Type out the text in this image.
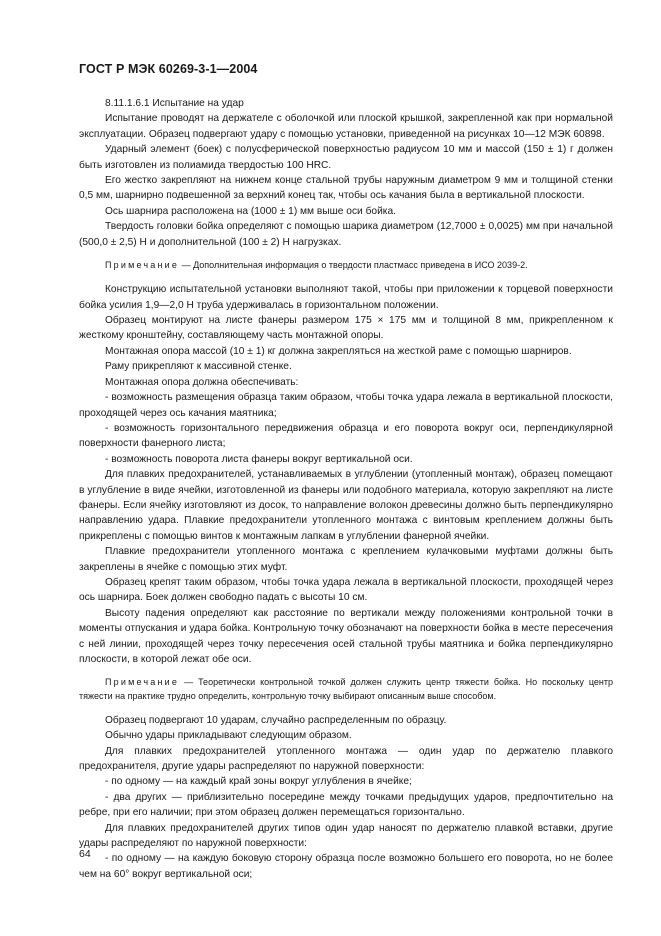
ГОСТ Р МЭК 60269-3-1—2004

8.11.1.6.1 Испытание на удар

Испытание проводят на держателе с оболочкой или плоской крышкой, закрепленной как при нормальной эксплуатации. Образец подвергают удару с помощью установки, приведенной на рисунках 10—12 МЭК 60898.

Ударный элемент (боек) с полусферической поверхностью радиусом 10 мм и массой (150 ± 1) г должен быть изготовлен из полиамида твердостью 100 HRC.

Его жестко закрепляют на нижнем конце стальной трубы наружным диаметром 9 мм и толщиной стенки 0,5 мм, шарнирно подвешенной за верхний конец так, чтобы ось качания была в вертикальной плоскости.

Ось шарнира расположена на (1000 ± 1) мм выше оси бойка.

Твердость головки бойка определяют с помощью шарика диаметром (12,7000 ± 0,0025) мм при начальной (500,0 ± 2,5) Н и дополнительной (100 ± 2) Н нагрузках.

Примечание — Дополнительная информация о твердости пластмасс приведена в ИСО 2039-2.

Конструкцию испытательной установки выполняют такой, чтобы при приложении к торцевой поверхности бойка усилия 1,9—2,0 Н труба удерживалась в горизонтальном положении.

Образец монтируют на листе фанеры размером 175 × 175 мм и толщиной 8 мм, прикрепленном к жесткому кронштейну, составляющему часть монтажной опоры.

Монтажная опора массой (10 ± 1) кг должна закрепляться на жесткой раме с помощью шарниров.

Раму прикрепляют к массивной стенке.

Монтажная опора должна обеспечивать:

- возможность размещения образца таким образом, чтобы точка удара лежала в вертикальной плоскости, проходящей через ось качания маятника;

- возможность горизонтального передвижения образца и его поворота вокруг оси, перпендикулярной поверхности фанерного листа;

- возможность поворота листа фанеры вокруг вертикальной оси.

Для плавких предохранителей, устанавливаемых в углублении (утопленный монтаж), образец помещают в углубление в виде ячейки, изготовленной из фанеры или подобного материала, которую закрепляют на листе фанеры. Если ячейку изготовляют из досок, то направление волокон древесины должно быть перпендикулярно направлению удара. Плавкие предохранители утопленного монтажа с винтовым креплением должны быть прикреплены с помощью винтов к монтажным лапкам в углублении фанерной ячейки.

Плавкие предохранители утопленного монтажа с креплением кулачковыми муфтами должны быть закреплены в ячейке с помощью этих муфт.

Образец крепят таким образом, чтобы точка удара лежала в вертикальной плоскости, проходящей через ось шарнира. Боек должен свободно падать с высоты 10 см.

Высоту падения определяют как расстояние по вертикали между положениями контрольной точки в моменты отпускания и удара бойка. Контрольную точку обозначают на поверхности бойка в месте пересечения с ней линии, проходящей через точку пересечения осей стальной трубы маятника и бойка перпендикулярно плоскости, в которой лежат обе оси.

Примечание — Теоретически контрольной точкой должен служить центр тяжести бойка. Но поскольку центр тяжести на практике трудно определить, контрольную точку выбирают описанным выше способом.

Образец подвергают 10 ударам, случайно распределенным по образцу.

Обычно удары прикладывают следующим образом.

Для плавких предохранителей утопленного монтажа — один удар по держателю плавкого предохранителя, другие удары распределяют по наружной поверхности:

- по одному — на каждый край зоны вокруг углубления в ячейке;

- два других — приблизительно посередине между точками предыдущих ударов, предпочтительно на ребре, при его наличии; при этом образец должен перемещаться горизонтально.

Для плавких предохранителей других типов один удар наносят по держателю плавкой вставки, другие удары распределяют по наружной поверхности:

- по одному — на каждую боковую сторону образца после возможно большего его поворота, но не более чем на 60° вокруг вертикальной оси;

64
